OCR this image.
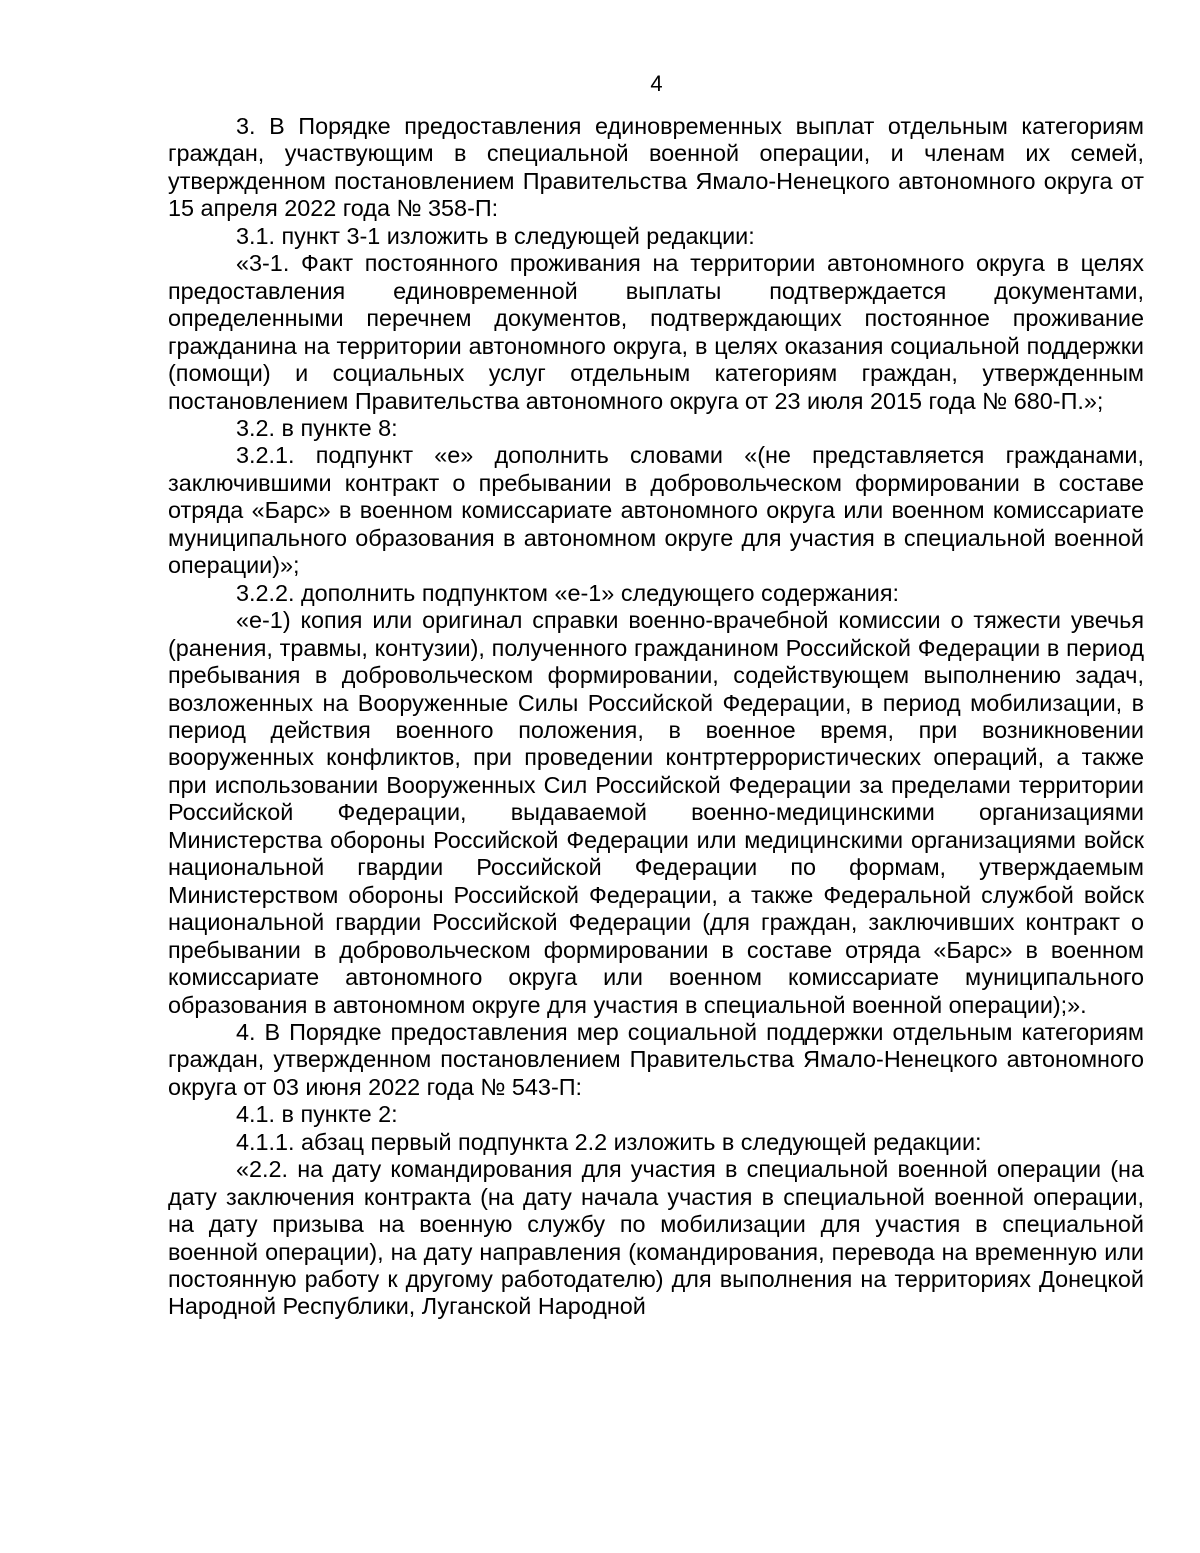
4

3. В Порядке предоставления единовременных выплат отдельным категориям граждан, участвующим в специальной военной операции, и членам их семей, утвержденном постановлением Правительства Ямало-Ненецкого автономного округа от 15 апреля 2022 года № 358-П:

3.1. пункт 3-1 изложить в следующей редакции:

«3-1. Факт постоянного проживания на территории автономного округа в целях предоставления единовременной выплаты подтверждается документами, определенными перечнем документов, подтверждающих постоянное проживание гражданина на территории автономного округа, в целях оказания социальной поддержки (помощи) и социальных услуг отдельным категориям граждан, утвержденным постановлением Правительства автономного округа от 23 июля 2015 года № 680-П.»;

3.2. в пункте 8:

3.2.1. подпункт «е» дополнить словами «(не представляется гражданами, заключившими контракт о пребывании в добровольческом формировании в составе отряда «Барс» в военном комиссариате автономного округа или военном комиссариате муниципального образования в автономном округе для участия в специальной военной операции)»;

3.2.2. дополнить подпунктом «е-1» следующего содержания:

«е-1) копия или оригинал справки военно-врачебной комиссии о тяжести увечья (ранения, травмы, контузии), полученного гражданином Российской Федерации в период пребывания в добровольческом формировании, содействующем выполнению задач, возложенных на Вооруженные Силы Российской Федерации, в период мобилизации, в период действия военного положения, в военное время, при возникновении вооруженных конфликтов, при проведении контртеррористических операций, а также при использовании Вооруженных Сил Российской Федерации за пределами территории Российской Федерации, выдаваемой военно-медицинскими организациями Министерства обороны Российской Федерации или медицинскими организациями войск национальной гвардии Российской Федерации по формам, утверждаемым Министерством обороны Российской Федерации, а также Федеральной службой войск национальной гвардии Российской Федерации (для граждан, заключивших контракт о пребывании в добровольческом формировании в составе отряда «Барс» в военном комиссариате автономного округа или военном комиссариате муниципального образования в автономном округе для участия в специальной военной операции);».

4. В Порядке предоставления мер социальной поддержки отдельным категориям граждан, утвержденном постановлением Правительства Ямало-Ненецкого автономного округа от 03 июня 2022 года № 543-П:

4.1. в пункте 2:

4.1.1. абзац первый подпункта 2.2 изложить в следующей редакции:

«2.2. на дату командирования для участия в специальной военной операции (на дату заключения контракта (на дату начала участия в специальной военной операции, на дату призыва на военную службу по мобилизации для участия в специальной военной операции), на дату направления (командирования, перевода на временную или постоянную работу к другому работодателю) для выполнения на территориях Донецкой Народной Республики, Луганской Народной
